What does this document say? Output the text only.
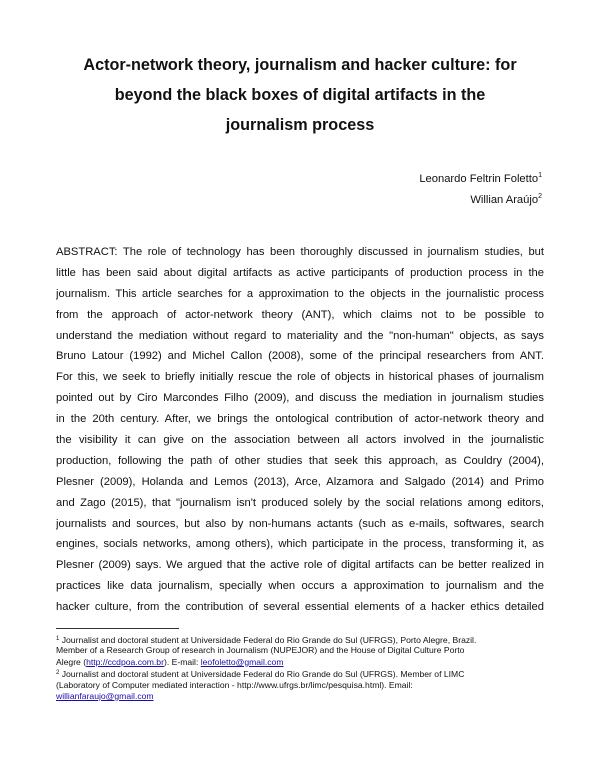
Actor-network theory, journalism and hacker culture: for
beyond the black boxes of digital artifacts in the
journalism process
Leonardo Feltrin Foletto$^1$
Willian Araújo$^2$
ABSTRACT: The role of technology has been thoroughly discussed in journalism studies, but
little has been said about digital artifacts as active participants of production process in the
journalism. This article searches for a approximation to the objects in the journalistic process
from the approach of actor-network theory (ANT), which claims not to be possible to
understand the mediation without regard to materiality and the "non-human" objects, as says
Bruno Latour (1992) and Michel Callon (2008), some of the principal researchers from ANT.
For this, we seek to briefly initially rescue the role of objects in historical phases of journalism
pointed out by Ciro Marcondes Filho (2009), and discuss the mediation in journalism studies
in the 20th century. After, we brings the ontological contribution of actor-network theory and
the visibility it can give on the association between all actors involved in the journalistic
production, following the path of other studies that seek this approach, as Couldry (2004),
Plesner (2009), Holanda and Lemos (2013), Arce, Alzamora and Salgado (2014) and Primo
and Zago (2015), that "journalism isn't produced solely by the social relations among editors,
journalists and sources, but also by non-humans actants (such as e-mails, softwares, search
engines, socials networks, among others), which participate in the process, transforming it, as
Plesner (2009) says. We argued that the active role of digital artifacts can be better realized in
practices like data journalism, specially when occurs a approximation to journalism and the
hacker culture, from the contribution of several essential elements of a hacker ethics detailed
$^1$ Journalist and doctoral student at Universidade Federal do Rio Grande do Sul (UFRGS), Porto Alegre, Brazil.
Member of a Research Group of research in Journalism (NUPEJOR) and the House of Digital Culture Porto
Alegre (http://ccdpoa.com.br). E-mail: leofoletto@gmail.com
$^2$ Journalist and doctoral student at Universidade Federal do Rio Grande do Sul (UFRGS). Member of LIMC
(Laboratory of Computer mediated interaction - http://www.ufrgs.br/limc/pesquisa.html). Email:
willianfaraujo@gmail.com
